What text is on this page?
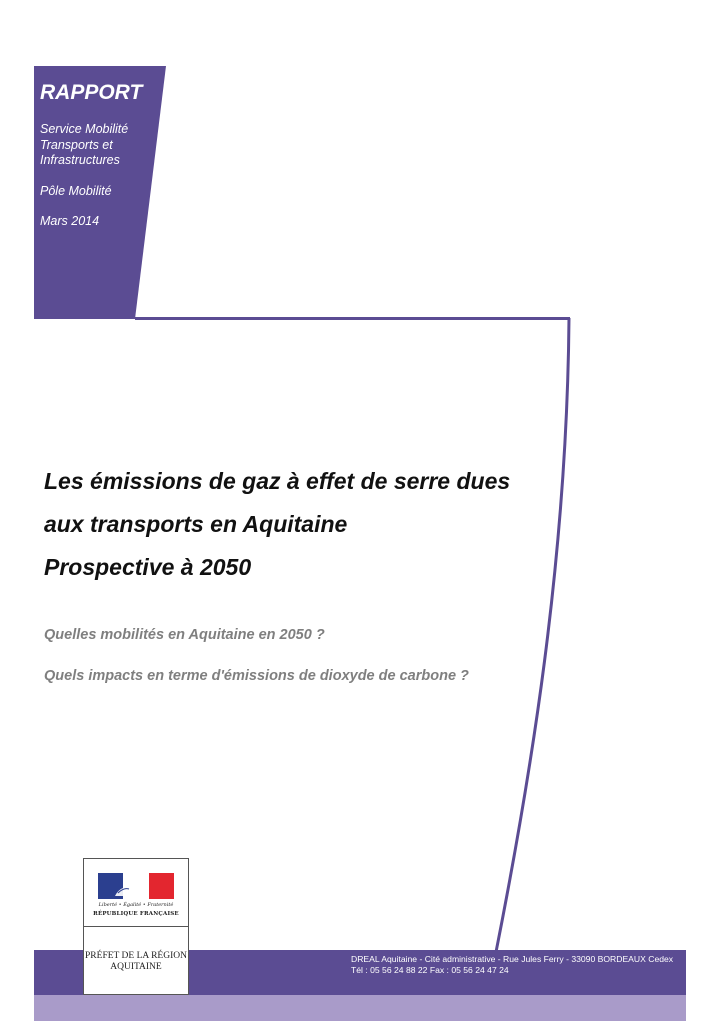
RAPPORT

Service Mobilité

Transports et

Infrastructures

Pôle Mobilité

Mars 2014

Les émissions de gaz à effet de serre dues
aux transports en Aquitaine
Prospective à 2050

Quelles mobilités en Aquitaine en 2050 ?

Quels impacts en terme d'émissions de dioxyde de carbone ?

Liberté • Égalité • Fraternité
RÉPUBLIQUE FRANÇAISE
PRÉFET DE LA RÉGION
AQUITAINE

DREAL Aquitaine - Cité administrative - Rue Jules Ferry - 33090 BORDEAUX Cedex

Tél : 05 56 24 88 22 Fax : 05 56 24 47 24
